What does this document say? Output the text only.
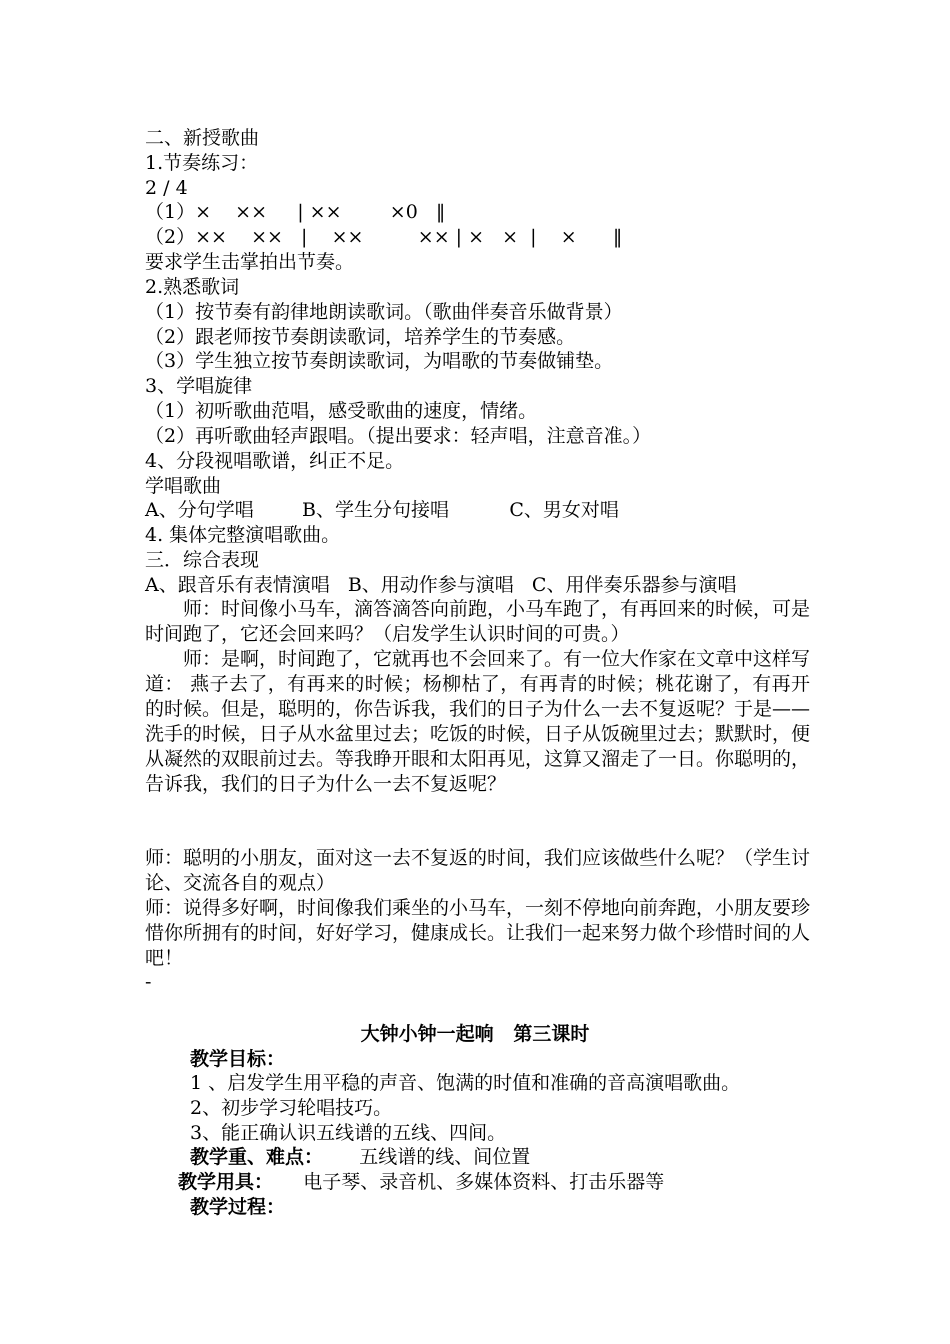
二、新授歌曲
1.节奏练习：
2 / 4
（1）×    ××     | ××        ×0   ‖
（2）××    ××   |    ××         ×× | ×   ×  |    ×      ‖
要求学生击掌拍出节奏。
2.熟悉歌词
（1）按节奏有韵律地朗读歌词。（歌曲伴奏音乐做背景）
（2）跟老师按节奏朗读歌词，培养学生的节奏感。
（3）学生独立按节奏朗读歌词，为唱歌的节奏做铺垫。
3、学唱旋律
（1）初听歌曲范唱，感受歌曲的速度，情绪。
（2）再听歌曲轻声跟唱。（提出要求：轻声唱，注意音准。）
4、分段视唱歌谱，纠正不足。
学唱歌曲
A、分句学唱        B、学生分句接唱          C、男女对唱
4. 集体完整演唱歌曲。
三．综合表现
A、跟音乐有表情演唱   B、用动作参与演唱   C、用伴奏乐器参与演唱
　　师：时间像小马车，滴答滴答向前跑，小马车跑了，有再回来的时候，可是时间跑了，它还会回来吗？（启发学生认识时间的可贵。）
　　师：是啊，时间跑了，它就再也不会回来了。有一位大作家在文章中这样写道： 燕子去了，有再来的时候；杨柳枯了，有再青的时候；桃花谢了，有再开的时候。但是，聪明的，你告诉我，我们的日子为什么一去不复返呢？于是——洗手的时候，日子从水盆里过去；吃饭的时候，日子从饭碗里过去；默默时，便从凝然的双眼前过去。等我睁开眼和太阳再见，这算又溜走了一日。你聪明的，告诉我，我们的日子为什么一去不复返呢？
师：聪明的小朋友，面对这一去不复返的时间，我们应该做些什么呢？（学生讨论、交流各自的观点）
师：说得多好啊，时间像我们乘坐的小马车，一刻不停地向前奔跑，小朋友要珍惜你所拥有的时间，好好学习，健康成长。让我们一起来努力做个珍惜时间的人吧！
-
大钟小钟一起响   第三课时
教学目标：
1 、启发学生用平稳的声音、饱满的时值和准确的音高演唱歌曲。
2、初步学习轮唱技巧。
3、能正确认识五线谱的五线、四间。
教学重、难点：      五线谱的线、间位置
教学用具：     电子琴、录音机、多媒体资料、打击乐器等
教学过程：
